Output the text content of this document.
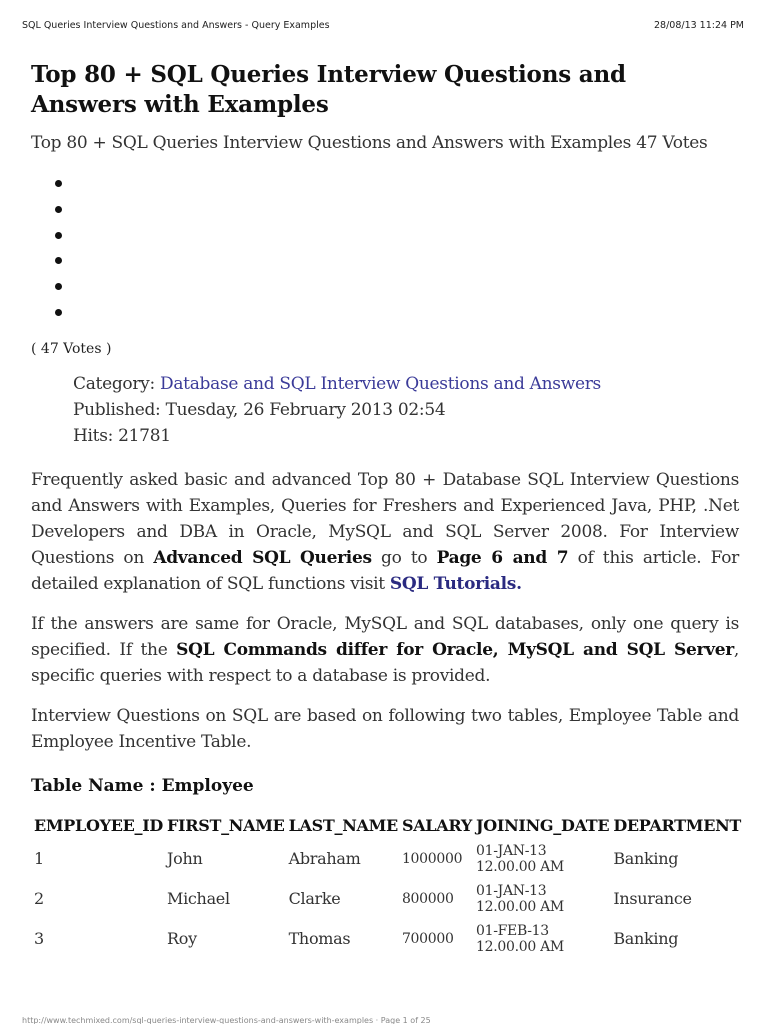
SQL Queries Interview Questions and Answers - Query Examples	28/08/13 11:24 PM
Top 80 + SQL Queries Interview Questions and Answers with Examples
Top 80 + SQL Queries Interview Questions and Answers with Examples 47 Votes
( 47 Votes )
Category: Database and SQL Interview Questions and Answers
Published: Tuesday, 26 February 2013 02:54
Hits: 21781

Frequently asked basic and advanced Top 80 + Database SQL Interview Questions and Answers with Examples, Queries for Freshers and Experienced Java, PHP, .Net Developers and DBA in Oracle, MySQL and SQL Server 2008. For Interview Questions on Advanced SQL Queries go to Page 6 and 7 of this article. For detailed explanation of SQL functions visit SQL Tutorials.

If the answers are same for Oracle, MySQL and SQL databases, only one query is specified. If the SQL Commands differ for Oracle, MySQL and SQL Server, specific queries with respect to a database is provided.

Interview Questions on SQL are based on following two tables, Employee Table and Employee Incentive Table.

Table Name : Employee
EMPLOYEE_ID	FIRST_NAME	LAST_NAME	SALARY	JOINING_DATE	DEPARTMENT
1	John	Abraham	1000000	01-JAN-13 12.00.00 AM	Banking
2	Michael	Clarke	800000	01-JAN-13 12.00.00 AM	Insurance
3	Roy	Thomas	700000	01-FEB-13 12.00.00 AM	Banking
http://www.techmixed.com/sql-queries-interview-questions-and-answers-with-examples · Page 1 of 25
